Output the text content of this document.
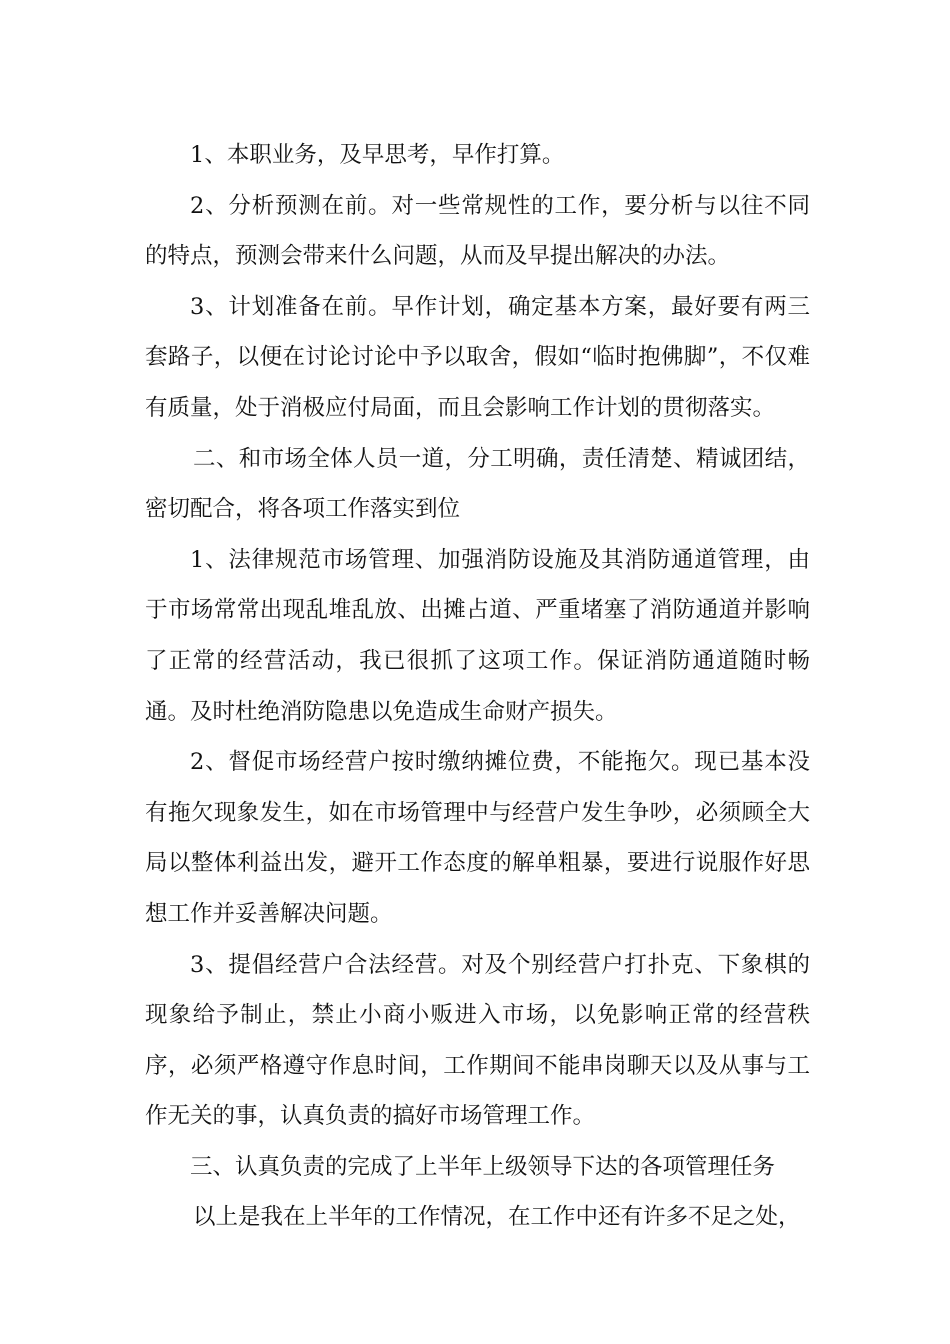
1、本职业务，及早思考，早作打算。

2、分析预测在前。对一些常规性的工作，要分析与以往不同的特点，预测会带来什么问题，从而及早提出解决的办法。

3、计划准备在前。早作计划，确定基本方案，最好要有两三套路子，以便在讨论讨论中予以取舍，假如“临时抱佛脚”，不仅难有质量，处于消极应付局面，而且会影响工作计划的贯彻落实。

二、和市场全体人员一道，分工明确，责任清楚、精诚团结，密切配合，将各项工作落实到位

1、法律规范市场管理、加强消防设施及其消防通道管理，由于市场常常出现乱堆乱放、出摊占道、严重堵塞了消防通道并影响了正常的经营活动，我已很抓了这项工作。保证消防通道随时畅通。及时杜绝消防隐患以免造成生命财产损失。

2、督促市场经营户按时缴纳摊位费，不能拖欠。现已基本没有拖欠现象发生，如在市场管理中与经营户发生争吵，必须顾全大局以整体利益出发，避开工作态度的解单粗暴，要进行说服作好思想工作并妥善解决问题。

3、提倡经营户合法经营。对及个别经营户打扑克、下象棋的现象给予制止，禁止小商小贩进入市场，以免影响正常的经营秩序，必须严格遵守作息时间，工作期间不能串岗聊天以及从事与工作无关的事，认真负责的搞好市场管理工作。

三、认真负责的完成了上半年上级领导下达的各项管理任务

以上是我在上半年的工作情况，在工作中还有许多不足之处，
